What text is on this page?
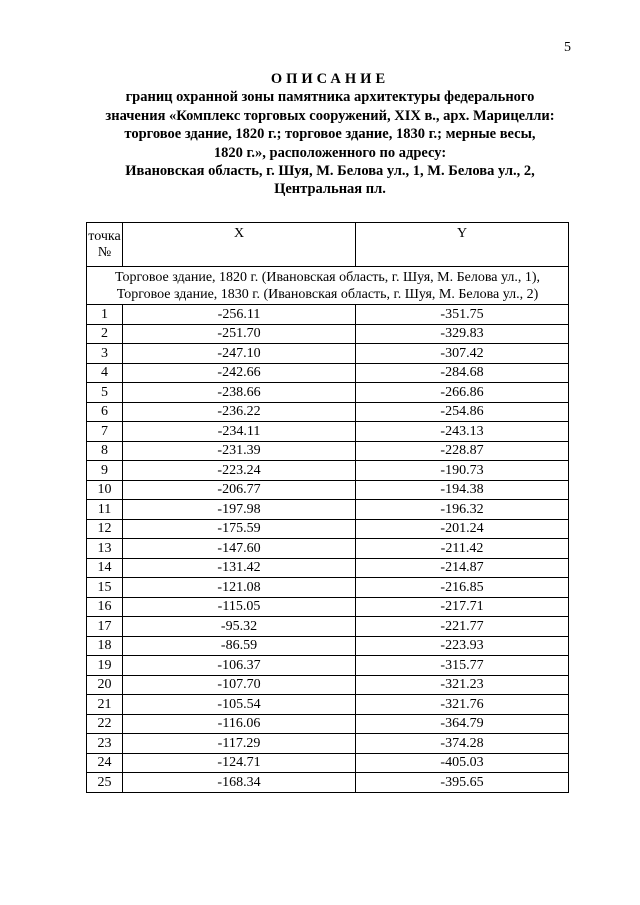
5
ОПИСАНИЕ
границ охранной зоны памятника архитектуры федерального
значения «Комплекс торговых сооружений, XIX в., арх. Марицелли:
торговое здание, 1820 г.; торговое здание, 1830 г.; мерные весы,
1820 г.», расположенного по адресу:
Ивановская область, г. Шуя, М. Белова ул., 1, М. Белова ул., 2,
Центральная пл.
точка
№	X	Y

Торговое здание, 1820 г. (Ивановская область, г. Шуя, М. Белова ул., 1),
Торговое здание, 1830 г. (Ивановская область, г. Шуя, М. Белова ул., 2)		

1	-256.11	-351.75
2	-251.70	-329.83
3	-247.10	-307.42
4	-242.66	-284.68
5	-238.66	-266.86
6	-236.22	-254.86
7	-234.11	-243.13
8	-231.39	-228.87
9	-223.24	-190.73
10	-206.77	-194.38
11	-197.98	-196.32
12	-175.59	-201.24
13	-147.60	-211.42
14	-131.42	-214.87
15	-121.08	-216.85
16	-115.05	-217.71
17	-95.32	-221.77
18	-86.59	-223.93
19	-106.37	-315.77
20	-107.70	-321.23
21	-105.54	-321.76
22	-116.06	-364.79
23	-117.29	-374.28
24	-124.71	-405.03
25	-168.34	-395.65
